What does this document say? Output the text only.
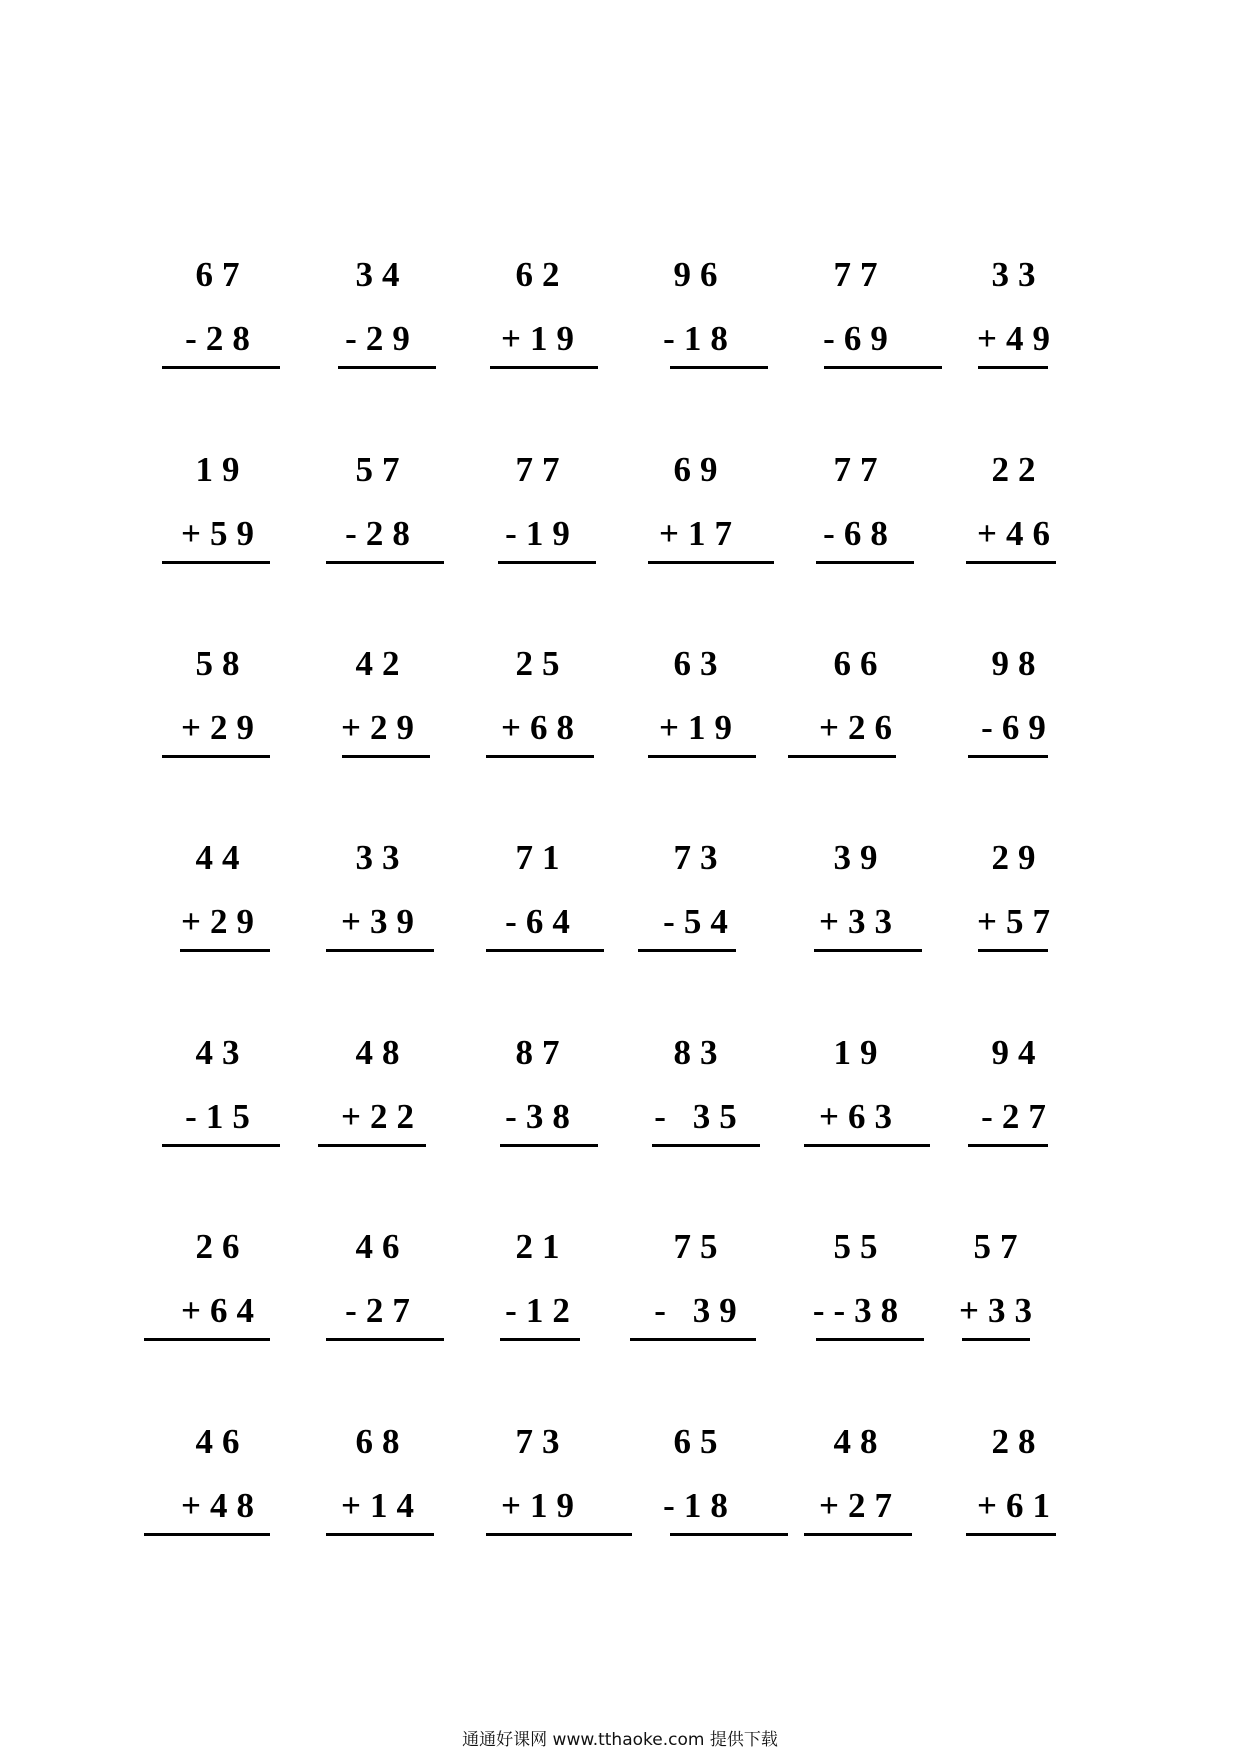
67
-28
34
-29
62
+19
96
-18
77
-69
33
+49
19
+59
57
-28
77
-19
69
+17
77
-68
22
+46
58
+29
42
+29
25
+68
63
+19
66
+26
98
-69
44
+29
33
+39
71
-64
73
-54
39
+33
29
+57
43
-15
48
+22
87
-38
83
- 35
19
+63
94
-27
26
+64
46
-27
21
-12
75
- 39
55
--38
57
+33
46
+48
68
+14
73
+19
65
-18
48
+27
28
+61
通通好课网 www.tthaoke.com 提供下载
